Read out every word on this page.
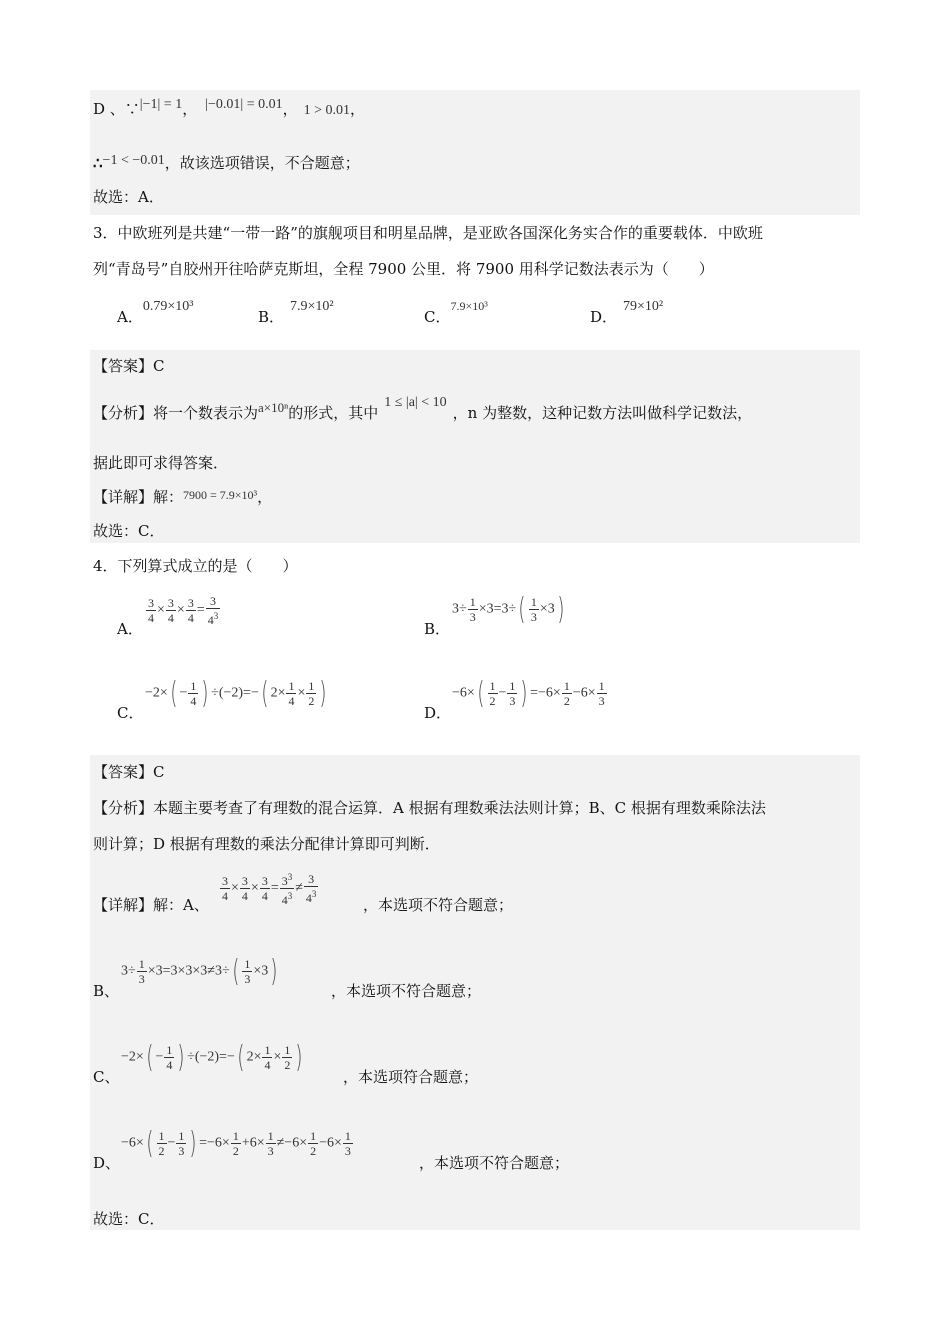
D 、∵|−1| = 1， |−0.01| = 0.01， 1 > 0.01，
∴−1 < −0.01，故该选项错误，不合题意；
故选：A．
3．中欧班列是共建“一带一路”的旗舰项目和明星品牌，是亚欧各国深化务实合作的重要载体．中欧班
列“青岛号”自胶州开往哈萨克斯坦，全程 7900 公里．将 7900 用科学记数法表示为（　　）
A．0.79×10³
B．7.9×10²
C．7.9×10³
D．79×10²
【答案】C
【分析】将一个数表示为a×10ⁿ的形式，其中1 ≤ |a| < 10，n 为整数，这种记数方法叫做科学记数法，
据此即可求得答案．
【详解】解：$^{7900 = 7.9\times 10^3}$，
故选：C．
4．下列算式成立的是（　　）
A．
$\frac{3}{4} \times \frac{3}{4} \times \frac{3}{4} = \frac{3}{4^3}$
B．
$3\div \frac{1}{3} \times 3=3\div( \frac{1}{3} \times 3)$
C．
$-2\times( - \frac{1}{4}$ ) ÷(−2)=−( $2\times \frac{1}{4} \times \frac{1}{2}$ )
D．
$-6\times( \frac{1}{2} - \frac{1}{3}$ ) $=-6\times \frac{1}{2} -6\times \frac{1}{3}$
【答案】C
【分析】本题主要考查了有理数的混合运算．A 根据有理数乘法法则计算；B、C 根据有理数乘除法法
则计算；D 根据有理数的乘法分配律计算即可判断．
【详解】解：A、
$\frac{3}{4} \times \frac{3}{4} \times \frac{3}{4} = \frac{3^3}{4^3} \ne \frac{3}{4^3}$	，本选项不符合题意；
B、
$3\div \frac{1}{3} \times 3=3\times 3\times 3\ne 3\div( \frac{1}{3} \times 3)$
，本选项不符合题意；
C、
$-2\times( - \frac{1}{4}$ ) ÷(−2)=−( $2\times \frac{1}{4} \times \frac{1}{2}$ )
，本选项符合题意；
D、
$-6\times( \frac{1}{2} - \frac{1}{3}$ ) $=-6\times \frac{1}{2} +6\times \frac{1}{3} \ne-6\times \frac{1}{2} -6\times \frac{1}{3}$
，本选项不符合题意；
故选：C．
